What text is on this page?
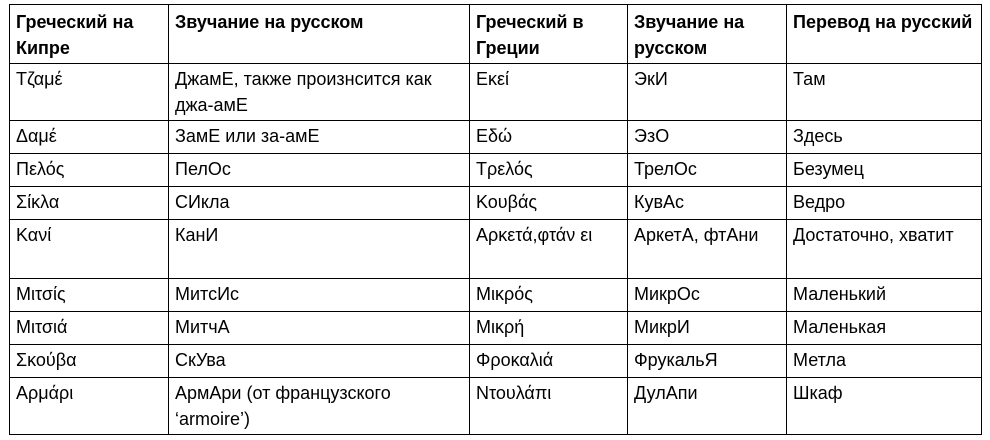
Греческий на Кипре	Звучание на русском	Греческий в Греции	Звучание на русском	Перевод на русский
Τζαμέ	ДжамЕ, также произнсится как джа-амЕ	Εκεί	ЭкИ	Там
Δαμέ	ЗамЕ или за-амЕ	Εδώ	ЭзО	Здесь
Πελός	ПелОс	Τρελός	ТрелОс	Безумец
Σίκλα	СИкла	Κουβάς	КувАс	Ведро
Κανί	КанИ	Αρκετά,φτάν ει	АркетА, фтАни	Достаточно, хватит
Μιτσίς	МитсИс	Μικρός	МикрОс	Маленький
Μιτσιά	МитчА	Μικρή	МикрИ	Маленькая
Σκούβα	СкУва	Φροκαλιά	ФрукальЯ	Метла
Αρμάρι	АрмАри (от французского ‘armoire’)	Ντουλάπι	ДулАпи	Шкаф
